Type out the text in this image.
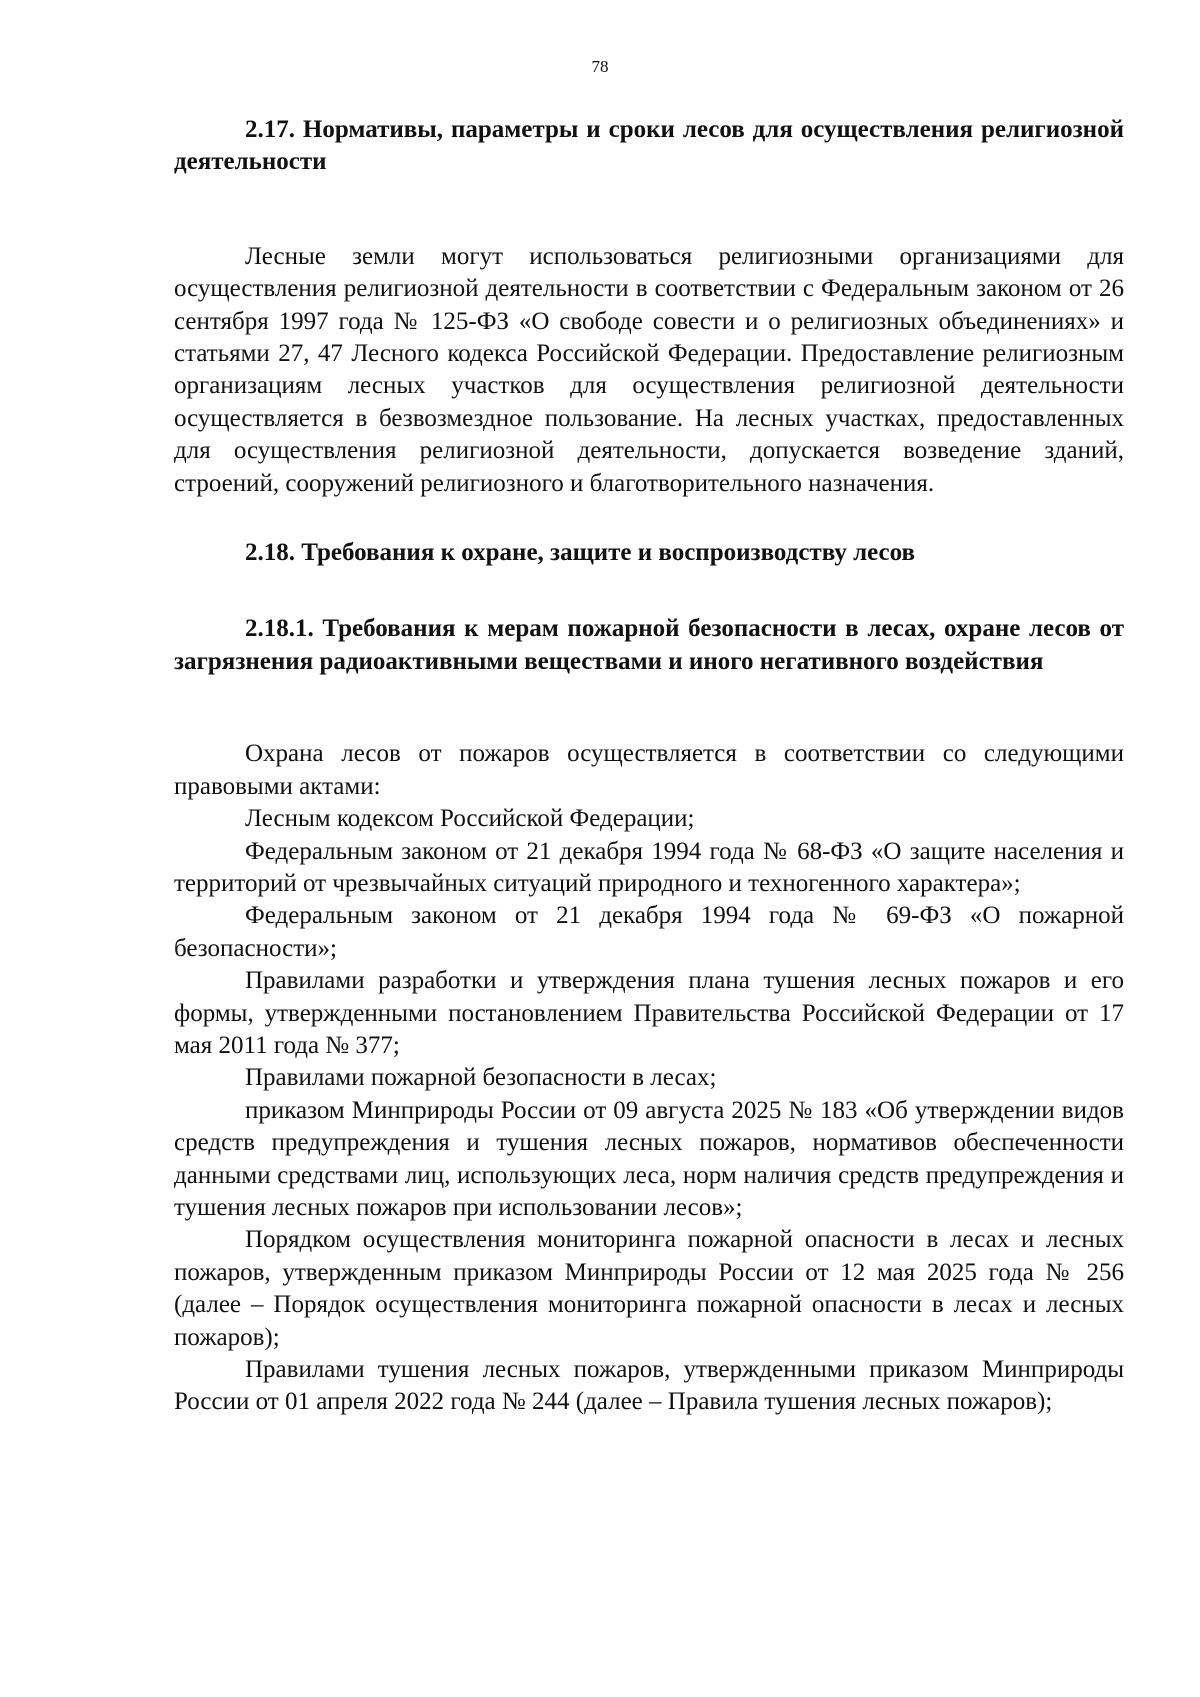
78

2.17. Нормативы, параметры и сроки лесов для осуществления религиозной деятельности

Лесные земли могут использоваться религиозными организациями для осуществления религиозной деятельности в соответствии с Федеральным законом от 26 сентября 1997 года № 125-ФЗ «О свободе совести и о религиозных объединениях» и статьями 27, 47 Лесного кодекса Российской Федерации. Предоставление религиозным организациям лесных участков для осуществления религиозной деятельности осуществляется в безвозмездное пользование. На лесных участках, предоставленных для осуществления религиозной деятельности, допускается возведение зданий, строений, сооружений религиозного и благотворительного назначения.

2.18. Требования к охране, защите и воспроизводству лесов

2.18.1. Требования к мерам пожарной безопасности в лесах, охране лесов от загрязнения радиоактивными веществами и иного негативного воздействия

Охрана лесов от пожаров осуществляется в соответствии со следующими правовыми актами:

Лесным кодексом Российской Федерации;

Федеральным законом от 21 декабря 1994 года № 68-ФЗ «О защите населения и территорий от чрезвычайных ситуаций природного и техногенного характера»;

Федеральным законом от 21 декабря 1994 года № 69-ФЗ «О пожарной безопасности»;

Правилами разработки и утверждения плана тушения лесных пожаров и его формы, утвержденными постановлением Правительства Российской Федерации от 17 мая 2011 года № 377;

Правилами пожарной безопасности в лесах;

приказом Минприроды России от 09 августа 2025 № 183 «Об утверждении видов средств предупреждения и тушения лесных пожаров, нормативов обеспеченности данными средствами лиц, использующих леса, норм наличия средств предупреждения и тушения лесных пожаров при использовании лесов»;

Порядком осуществления мониторинга пожарной опасности в лесах и лесных пожаров, утвержденным приказом Минприроды России от 12 мая 2025 года № 256 (далее – Порядок осуществления мониторинга пожарной опасности в лесах и лесных пожаров);

Правилами тушения лесных пожаров, утвержденными приказом Минприроды России от 01 апреля 2022 года № 244 (далее – Правила тушения лесных пожаров);
